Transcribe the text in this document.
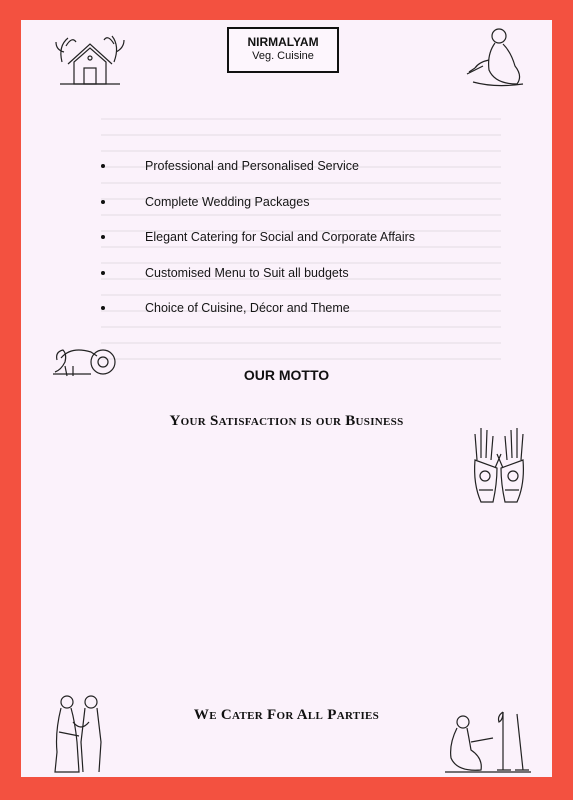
NIRMALYAM
Veg. Cuisine
Professional and Personalised Service
Complete Wedding Packages
Elegant Catering for Social and Corporate Affairs
Customised Menu to Suit all budgets
Choice of Cuisine, Décor and Theme
OUR MOTTO
Your Satisfaction is our Business
We Cater For All Parties
